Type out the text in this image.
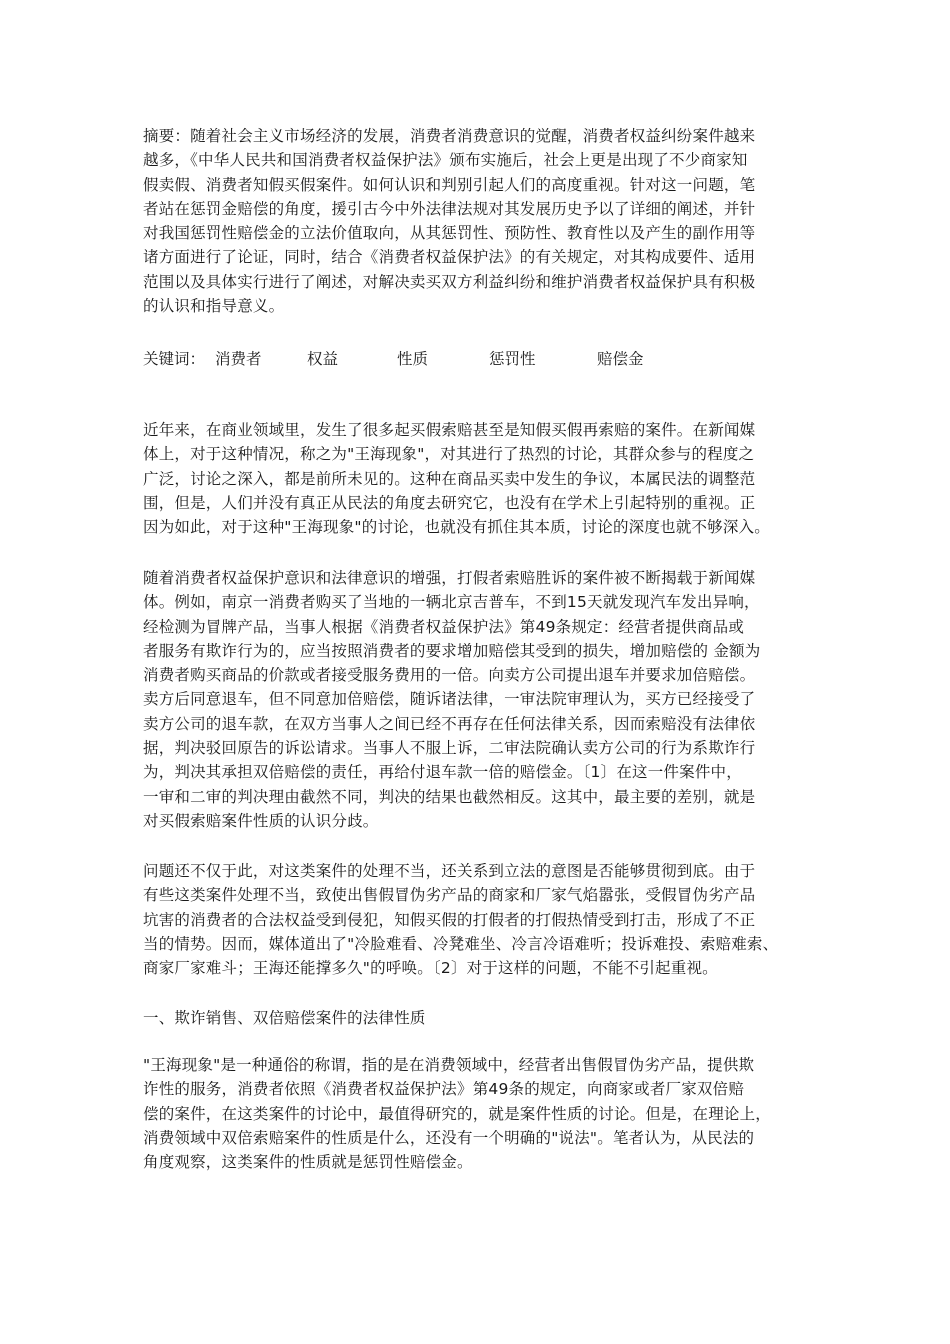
摘要：随着社会主义市场经济的发展，消费者消费意识的觉醒，消费者权益纠纷案件越来
越多，《中华人民共和国消费者权益保护法》颁布实施后，社会上更是出现了不少商家知
假卖假、消费者知假买假案件。如何认识和判别引起人们的高度重视。针对这一问题，笔
者站在惩罚金赔偿的角度，援引古今中外法律法规对其发展历史予以了详细的阐述，并针
对我国惩罚性赔偿金的立法价值取向，从其惩罚性、预防性、教育性以及产生的副作用等
诸方面进行了论证，同时，结合《消费者权益保护法》的有关规定，对其构成要件、适用
范围以及具体实行进行了阐述，对解决卖买双方利益纠纷和维护消费者权益保护具有积极
的认识和指导意义。
关键词： 消费者	权益	性质	惩罚性	赔偿金
近年来，在商业领域里，发生了很多起买假索赔甚至是知假买假再索赔的案件。在新闻媒
体上，对于这种情况，称之为"王海现象"，对其进行了热烈的讨论，其群众参与的程度之
广泛，讨论之深入，都是前所未见的。这种在商品买卖中发生的争议，本属民法的调整范
围，但是，人们并没有真正从民法的角度去研究它，也没有在学术上引起特别的重视。正
因为如此，对于这种"王海现象"的讨论，也就没有抓住其本质，讨论的深度也就不够深入。
随着消费者权益保护意识和法律意识的增强，打假者索赔胜诉的案件被不断揭载于新闻媒
体。例如，南京一消费者购买了当地的一辆北京吉普车，不到15天就发现汽车发出异响，
经检测为冒牌产品，当事人根据《消费者权益保护法》第49条规定：经营者提供商品或
者服务有欺诈行为的，应当按照消费者的要求增加赔偿其受到的损失，增加赔偿的 金额为
消费者购买商品的价款或者接受服务费用的一倍。向卖方公司提出退车并要求加倍赔偿。
卖方后同意退车，但不同意加倍赔偿，随诉诸法律，一审法院审理认为，买方已经接受了
卖方公司的退车款，在双方当事人之间已经不再存在任何法律关系，因而索赔没有法律依
据，判决驳回原告的诉讼请求。当事人不服上诉，二审法院确认卖方公司的行为系欺诈行
为，判决其承担双倍赔偿的责任，再给付退车款一倍的赔偿金。〔1〕在这一件案件中，
一审和二审的判决理由截然不同，判决的结果也截然相反。这其中，最主要的差别，就是
对买假索赔案件性质的认识分歧。
问题还不仅于此，对这类案件的处理不当，还关系到立法的意图是否能够贯彻到底。由于
有些这类案件处理不当，致使出售假冒伪劣产品的商家和厂家气焰嚣张，受假冒伪劣产品
坑害的消费者的合法权益受到侵犯，知假买假的打假者的打假热情受到打击，形成了不正
当的情势。因而，媒体道出了"冷脸难看、冷凳难坐、冷言冷语难听；投诉难投、索赔难索、
商家厂家难斗；王海还能撑多久"的呼唤。〔2〕对于这样的问题，不能不引起重视。
一、欺诈销售、双倍赔偿案件的法律性质
"王海现象"是一种通俗的称谓，指的是在消费领域中，经营者出售假冒伪劣产品，提供欺
诈性的服务，消费者依照《消费者权益保护法》第49条的规定，向商家或者厂家双倍赔
偿的案件，在这类案件的讨论中，最值得研究的，就是案件性质的讨论。但是，在理论上，
消费领域中双倍索赔案件的性质是什么，还没有一个明确的"说法"。笔者认为，从民法的
角度观察，这类案件的性质就是惩罚性赔偿金。
